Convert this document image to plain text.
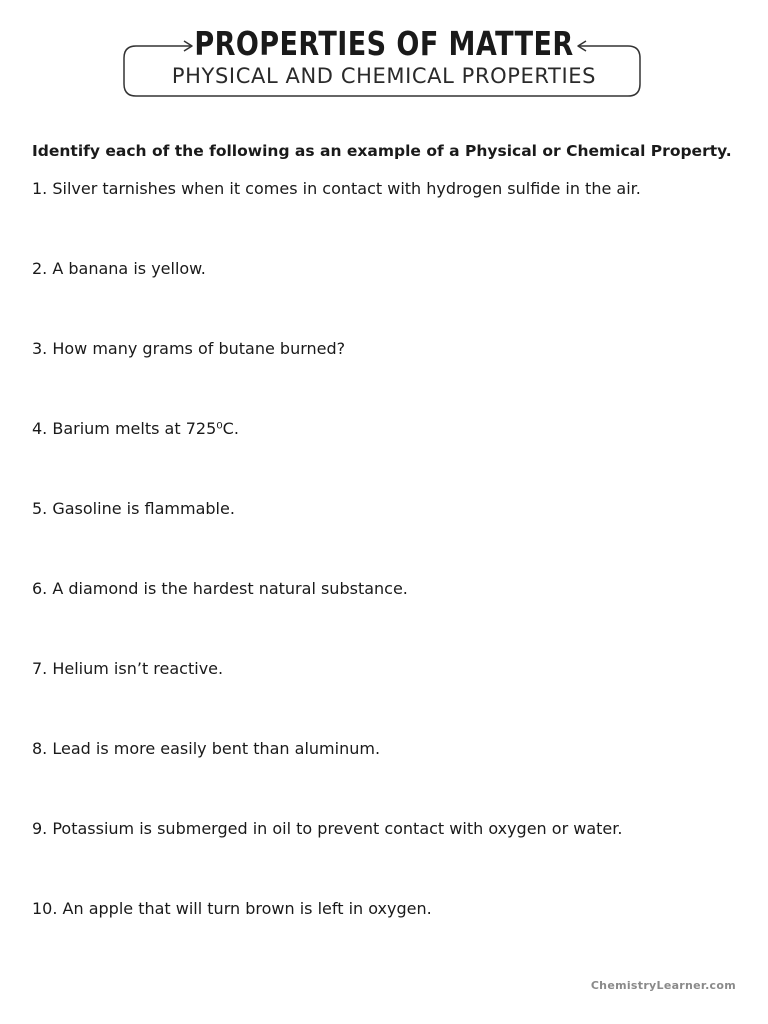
PROPERTIES OF MATTER
PHYSICAL AND CHEMICAL PROPERTIES
Identify each of the following as an example of a Physical or Chemical Property.
1. Silver tarnishes when it comes in contact with hydrogen sulfide in the air.
2. A banana is yellow.
3. How many grams of butane burned?
4. Barium melts at 725⁰C.
5. Gasoline is flammable.
6. A diamond is the hardest natural substance.
7. Helium isn’t reactive.
8. Lead is more easily bent than aluminum.
9. Potassium is submerged in oil to prevent contact with oxygen or water.
10. An apple that will turn brown is left in oxygen.
ChemistryLearner.com
